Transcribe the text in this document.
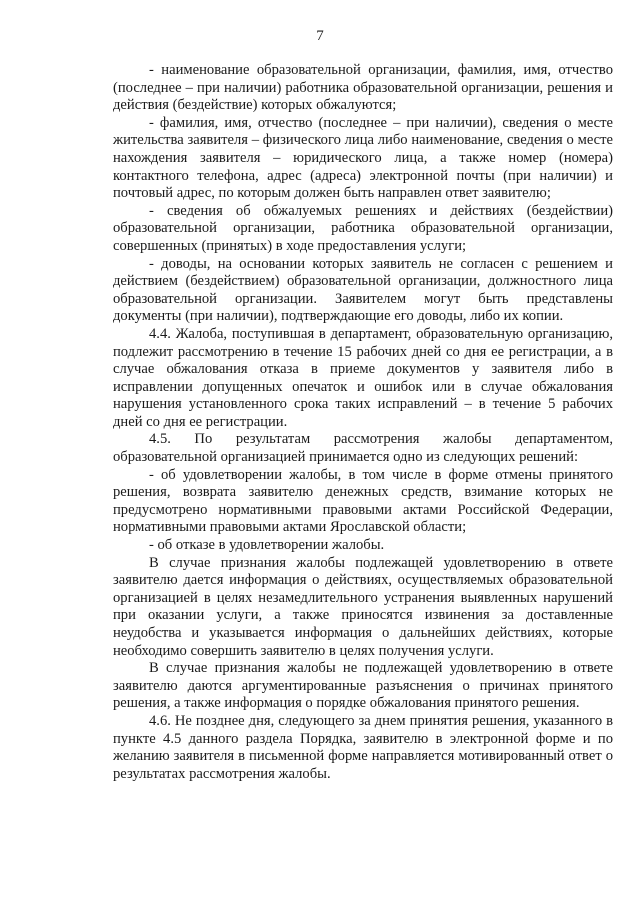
7

- наименование образовательной организации, фамилия, имя, отчество (последнее – при наличии) работника образовательной организации, решения и действия (бездействие) которых обжалуются;

- фамилия, имя, отчество (последнее – при наличии), сведения о месте жительства заявителя – физического лица либо наименование, сведения о месте нахождения заявителя – юридического лица, а также номер (номера) контактного телефона, адрес (адреса) электронной почты (при наличии) и почтовый адрес, по которым должен быть направлен ответ заявителю;

- сведения об обжалуемых решениях и действиях (бездействии) образовательной организации, работника образовательной организации, совершенных (принятых) в ходе предоставления услуги;

- доводы, на основании которых заявитель не согласен с решением и действием (бездействием) образовательной организации, должностного лица образовательной организации. Заявителем могут быть представлены документы (при наличии), подтверждающие его доводы, либо их копии.

4.4. Жалоба, поступившая в департамент, образовательную организацию, подлежит рассмотрению в течение 15 рабочих дней со дня ее регистрации, а в случае обжалования отказа в приеме документов у заявителя либо в исправлении допущенных опечаток и ошибок или в случае обжалования нарушения установленного срока таких исправлений – в течение 5 рабочих дней со дня ее регистрации.

4.5. По результатам рассмотрения жалобы департаментом, образовательной организацией принимается одно из следующих решений:

- об удовлетворении жалобы, в том числе в форме отмены принятого решения, возврата заявителю денежных средств, взимание которых не предусмотрено нормативными правовыми актами Российской Федерации, нормативными правовыми актами Ярославской области;

- об отказе в удовлетворении жалобы.

В случае признания жалобы подлежащей удовлетворению в ответе заявителю дается информация о действиях, осуществляемых образовательной организацией в целях незамедлительного устранения выявленных нарушений при оказании услуги, а также приносятся извинения за доставленные неудобства и указывается информация о дальнейших действиях, которые необходимо совершить заявителю в целях получения услуги.

В случае признания жалобы не подлежащей удовлетворению в ответе заявителю даются аргументированные разъяснения о причинах принятого решения, а также информация о порядке обжалования принятого решения.

4.6. Не позднее дня, следующего за днем принятия решения, указанного в пункте 4.5 данного раздела Порядка, заявителю в электронной форме и по желанию заявителя в письменной форме направляется мотивированный ответ о результатах рассмотрения жалобы.
